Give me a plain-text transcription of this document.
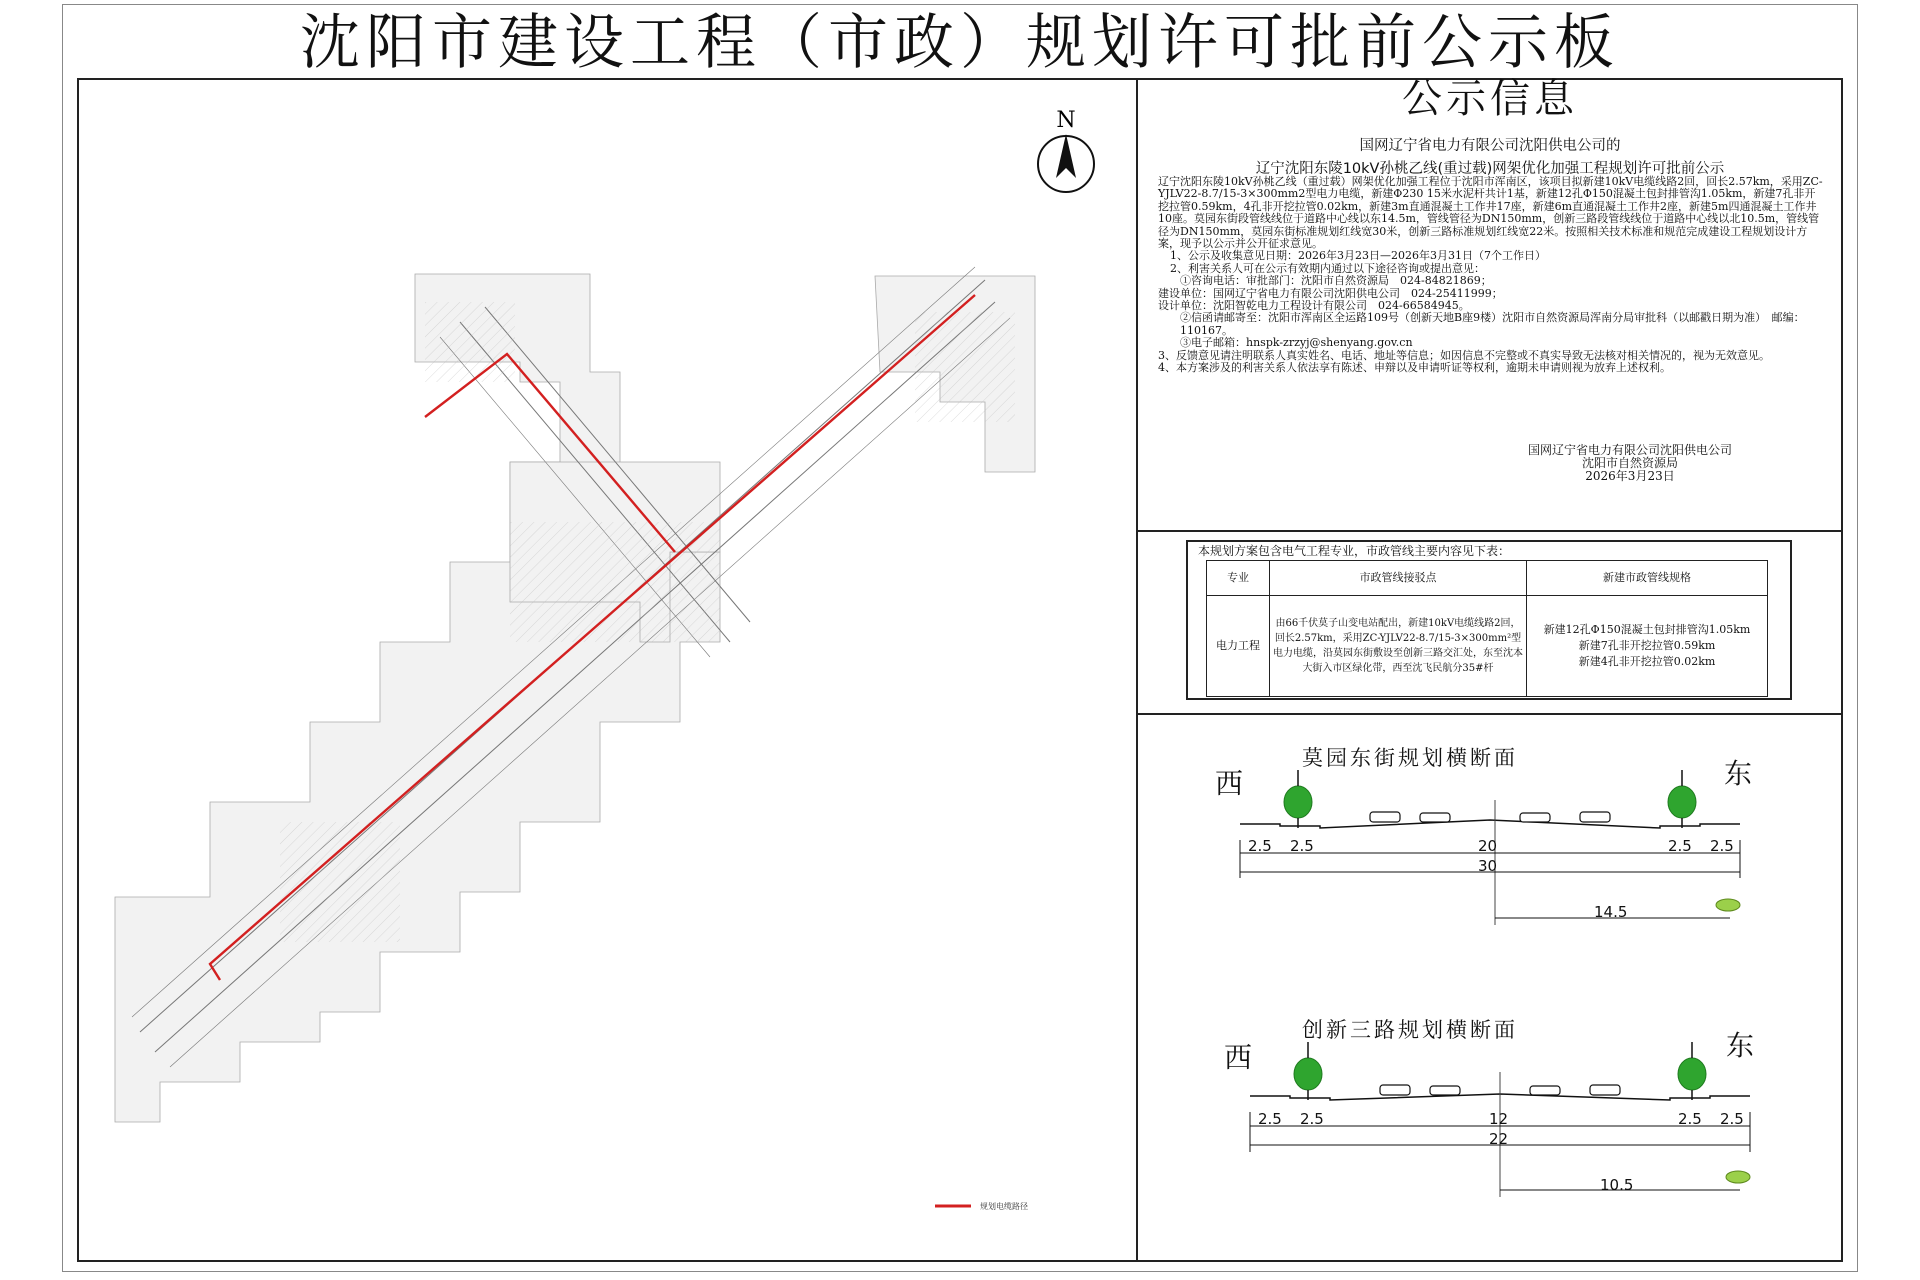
沈阳市建设工程（市政）规划许可批前公示板
N
规划电缆路径
公示信息
国网辽宁省电力有限公司沈阳供电公司的
辽宁沈阳东陵10kV孙桃乙线(重过载)网架优化加强工程规划许可批前公示

辽宁沈阳东陵10kV孙桃乙线（重过载）网架优化加强工程位于沈阳市浑南区，该项目拟新建10kV电缆线路2回，回长2.57km，采用ZC-YJLV22-8.7/15-3×300mm2型电力电缆，新建Φ230 15米水泥杆共计1基，新建12孔Φ150混凝土包封排管沟1.05km，新建7孔非开挖拉管0.59km，4孔非开挖拉管0.02km，新建3m直通混凝土工作井17座，新建6m直通混凝土工作井2座，新建5m四通混凝土工作井10座。莫园东街段管线线位于道路中心线以东14.5m，管线管径为DN150mm，创新三路段管线线位于道路中心线以北10.5m，管线管径为DN150mm，莫园东街标准规划红线宽30米，创新三路标准规划红线宽22米。按照相关技术标准和规范完成建设工程规划设计方案，现予以公示并公开征求意见。

1、公示及收集意见日期：2026年3月23日—2026年3月31日（7个工作日）

2、利害关系人可在公示有效期内通过以下途径咨询或提出意见：

①咨询电话：审批部门：沈阳市自然资源局　024-84821869；

建设单位：国网辽宁省电力有限公司沈阳供电公司　024-25411999；

设计单位：沈阳智乾电力工程设计有限公司　024-66584945。

②信函请邮寄至：沈阳市浑南区全运路109号（创新天地B座9楼）沈阳市自然资源局浑南分局审批科（以邮戳日期为准）　邮编：110167。

③电子邮箱：hnspk-zrzyj@shenyang.gov.cn

3、反馈意见请注明联系人真实姓名、电话、地址等信息；如因信息不完整或不真实导致无法核对相关情况的，视为无效意见。

4、本方案涉及的利害关系人依法享有陈述、申辩以及申请听证等权利，逾期未申请则视为放弃上述权利。

国网辽宁省电力有限公司沈阳供电公司
沈阳市自然资源局
2026年3月23日
本规划方案包含电气工程专业，市政管线主要内容见下表：
专业	市政管线接驳点	新建市政管线规格
电力工程	由66千伏莫子山变电站配出，新建10kV电缆线路2回，回长2.57km，采用ZC-YJLV22-8.7/15-3×300mm²型电力电缆，沿莫园东街敷设至创新三路交汇处，东至沈本大街入市区绿化带，西至沈飞民航分35#杆	新建12孔Φ150混凝土包封排管沟1.05km
新建7孔非开挖拉管0.59km
新建4孔非开挖拉管0.02km
莫园东街规划横断面
西	东
2.5 2.5	20	2.5 2.5
30
14.5
创新三路规划横断面
西	东
2.5 2.5	12	2.5 2.5
22
10.5
